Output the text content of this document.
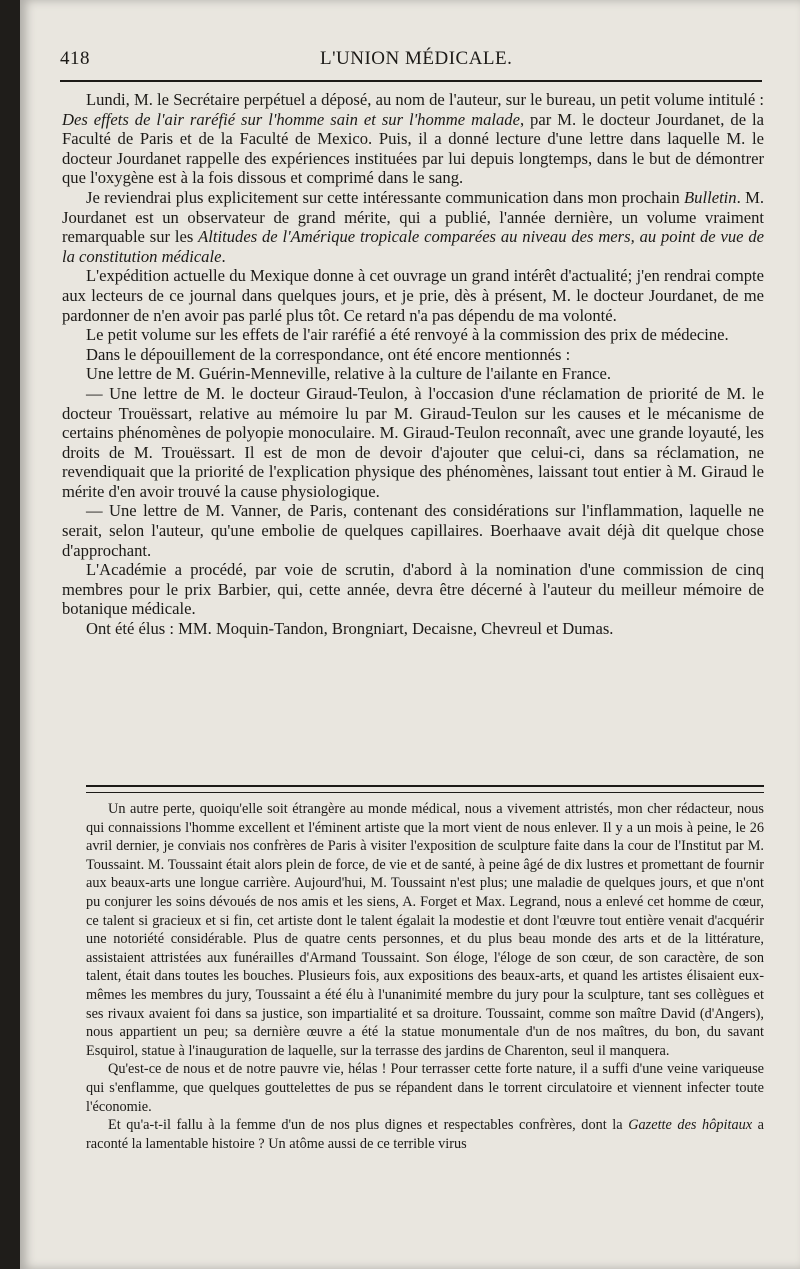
418	L'UNION MÉDICALE.

Lundi, M. le Secrétaire perpétuel a déposé, au nom de l'auteur, sur le bureau, un petit volume intitulé : Des effets de l'air raréfié sur l'homme sain et sur l'homme malade, par M. le docteur Jourdanet, de la Faculté de Paris et de la Faculté de Mexico. Puis, il a donné lecture d'une lettre dans laquelle M. le docteur Jourdanet rappelle des expériences instituées par lui depuis longtemps, dans le but de démontrer que l'oxygène est à la fois dissous et comprimé dans le sang.

Je reviendrai plus explicitement sur cette intéressante communication dans mon prochain Bulletin. M. Jourdanet est un observateur de grand mérite, qui a publié, l'année dernière, un volume vraiment remarquable sur les Altitudes de l'Amérique tropicale comparées au niveau des mers, au point de vue de la constitution médicale.

L'expédition actuelle du Mexique donne à cet ouvrage un grand intérêt d'actualité; j'en rendrai compte aux lecteurs de ce journal dans quelques jours, et je prie, dès à présent, M. le docteur Jourdanet, de me pardonner de n'en avoir pas parlé plus tôt. Ce retard n'a pas dépendu de ma volonté.

Le petit volume sur les effets de l'air raréfié a été renvoyé à la commission des prix de médecine.

Dans le dépouillement de la correspondance, ont été encore mentionnés :

Une lettre de M. Guérin-Menneville, relative à la culture de l'ailante en France.

— Une lettre de M. le docteur Giraud-Teulon, à l'occasion d'une réclamation de priorité de M. le docteur Trouëssart, relative au mémoire lu par M. Giraud-Teulon sur les causes et le mécanisme de certains phénomènes de polyopie monoculaire. M. Giraud-Teulon reconnaît, avec une grande loyauté, les droits de M. Trouëssart. Il est de mon de devoir d'ajouter que celui-ci, dans sa réclamation, ne revendiquait que la priorité de l'explication physique des phénomènes, laissant tout entier à M. Giraud le mérite d'en avoir trouvé la cause physiologique.

— Une lettre de M. Vanner, de Paris, contenant des considérations sur l'inflammation, laquelle ne serait, selon l'auteur, qu'une embolie de quelques capillaires. Boerhaave avait déjà dit quelque chose d'approchant.

L'Académie a procédé, par voie de scrutin, d'abord à la nomination d'une commission de cinq membres pour le prix Barbier, qui, cette année, devra être décerné à l'auteur du meilleur mémoire de botanique médicale.

Ont été élus : MM. Moquin-Tandon, Brongniart, Decaisne, Chevreul et Dumas.

Un autre perte, quoiqu'elle soit étrangère au monde médical, nous a vivement attristés, mon cher rédacteur, nous qui connaissions l'homme excellent et l'éminent artiste que la mort vient de nous enlever. Il y a un mois à peine, le 26 avril dernier, je conviais nos confrères de Paris à visiter l'exposition de sculpture faite dans la cour de l'Institut par M. Toussaint. M. Toussaint était alors plein de force, de vie et de santé, à peine âgé de dix lustres et promettant de fournir aux beaux-arts une longue carrière. Aujourd'hui, M. Toussaint n'est plus; une maladie de quelques jours, et que n'ont pu conjurer les soins dévoués de nos amis et les siens, A. Forget et Max. Legrand, nous a enlevé cet homme de cœur, ce talent si gracieux et si fin, cet artiste dont le talent égalait la modestie et dont l'œuvre tout entière venait d'acquérir une notoriété considérable. Plus de quatre cents personnes, et du plus beau monde des arts et de la littérature, assistaient attristées aux funérailles d'Armand Toussaint. Son éloge, l'éloge de son cœur, de son caractère, de son talent, était dans toutes les bouches. Plusieurs fois, aux expositions des beaux-arts, et quand les artistes élisaient eux-mêmes les membres du jury, Toussaint a été élu à l'unanimité membre du jury pour la sculpture, tant ses collègues et ses rivaux avaient foi dans sa justice, son impartialité et sa droiture. Toussaint, comme son maître David (d'Angers), nous appartient un peu; sa dernière œuvre a été la statue monumentale d'un de nos maîtres, du bon, du savant Esquirol, statue à l'inauguration de laquelle, sur la terrasse des jardins de Charenton, seul il manquera.

Qu'est-ce de nous et de notre pauvre vie, hélas ! Pour terrasser cette forte nature, il a suffi d'une veine variqueuse qui s'enflamme, que quelques gouttelettes de pus se répandent dans le torrent circulatoire et viennent infecter toute l'économie.

Et qu'a-t-il fallu à la femme d'un de nos plus dignes et respectables confrères, dont la Gazette des hôpitaux a raconté la lamentable histoire ? Un atôme aussi de ce terrible virus
